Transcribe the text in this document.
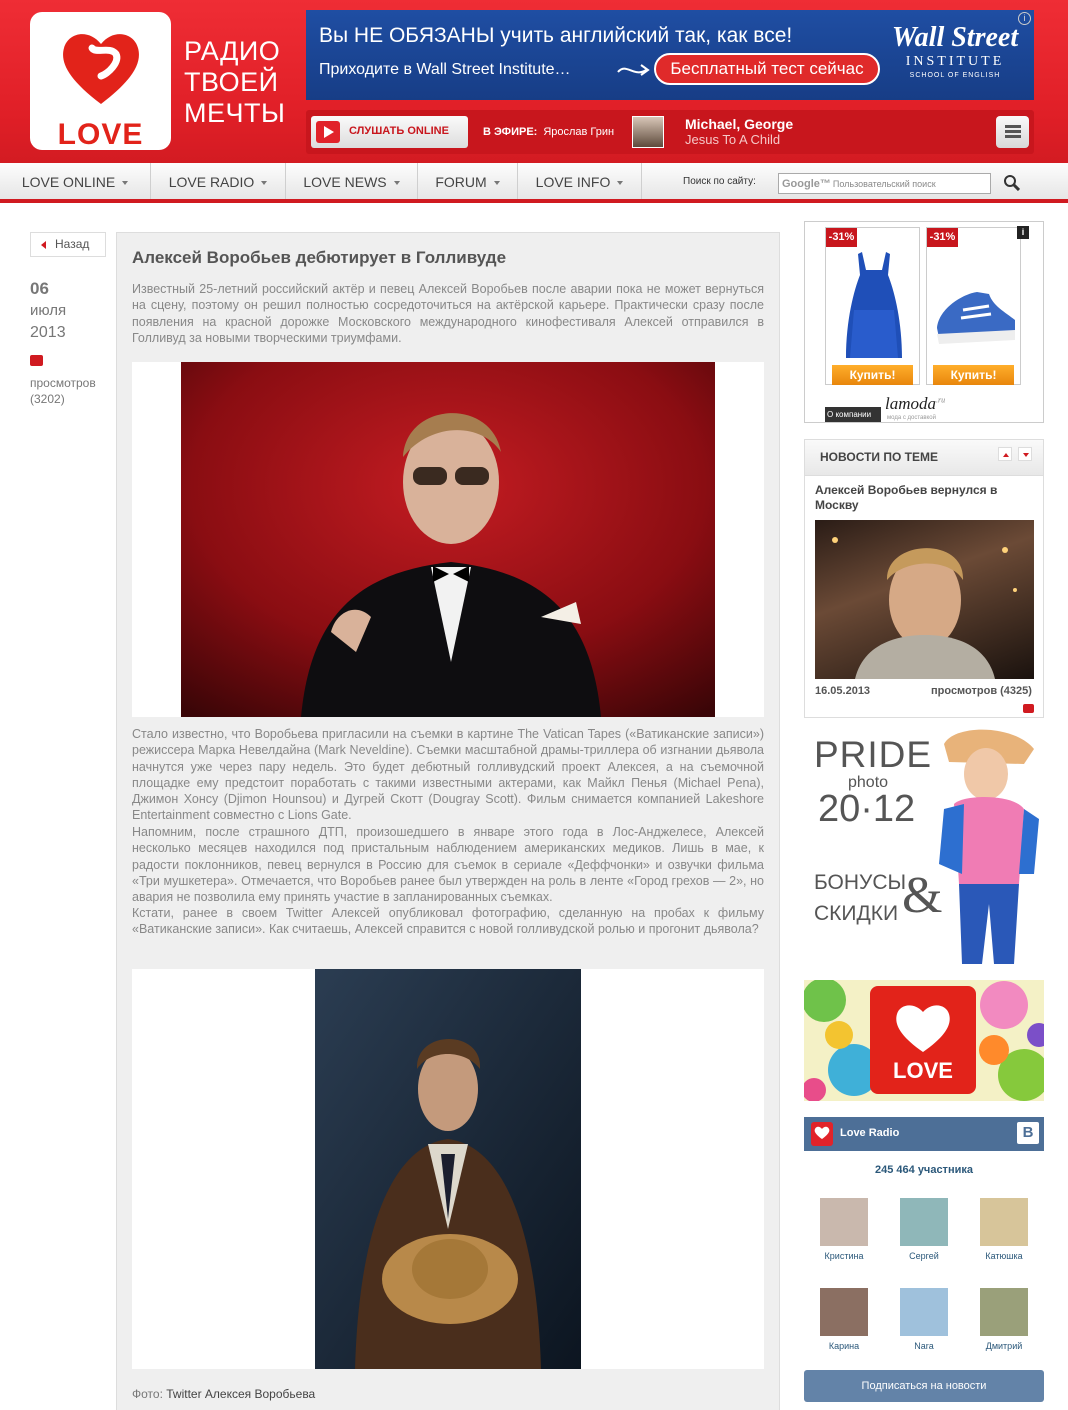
LOVE
РАДИО
ТВОЕЙ
МЕЧТЫ
Вы НЕ ОБЯЗАНЫ учить английский так, как все!
Приходите в Wall Street Institute…	Бесплатный тест сейчас
Wall Street
INSTITUTE
SCHOOL OF ENGLISH
i
СЛУШАТЬ ONLINE	В ЭФИРЕ: Ярослав Грин	Michael, George
Jesus To A Child
LOVE ONLINE	LOVE RADIO	LOVE NEWS	FORUM	LOVE INFO	Поиск по сайту:	Google™ Пользовательский поиск
Назад
06
июля
2013
просмотров
(3202)
Алексей Воробьев дебютирует в Голливуде
Известный 25-летний российский актёр и певец Алексей Воробьев после аварии пока не может вернуться на сцену, поэтому он решил полностью сосредоточиться на актёрской карьере. Практически сразу после появления на красной дорожке Московского международного кинофестиваля Алексей отправился в Голливуд за новыми творческими триумфами.
Стало известно, что Воробьева пригласили на съемки в картине The Vatican Tapes («Ватиканские записи») режиссера Марка Невелдайна (Mark Neveldine). Съемки масштабной драмы-триллера об изгнании дьявола начнутся уже через пару недель. Это будет дебютный голливудский проект Алексея, а на съемочной площадке ему предстоит поработать с такими известными актерами, как Майкл Пенья (Michael Pena), Джимон Хонсу (Djimon Hounsou) и Дугрей Скотт (Dougray Scott). Фильм снимается компанией Lakeshore Entertainment совместно с Lions Gate.
Напомним, после страшного ДТП, произошедшего в январе этого года в Лос-Анджелесе, Алексей несколько месяцев находился под пристальным наблюдением американских медиков. Лишь в мае, к радости поклонников, певец вернулся в Россию для съемок в сериале «Деффчонки» и озвучки фильма «Три мушкетера». Отмечается, что Воробьев ранее был утвержден на роль в ленте «Город грехов — 2», но авария не позволила ему принять участие в запланированных съемках.
Кстати, ранее в своем Twitter Алексей опубликовал фотографию, сделанную на пробах к фильму «Ватиканские записи». Как считаешь, Алексей справится с новой голливудской ролью и прогонит дьявола?
Фото: Twitter Алексея Воробьева
-31%
Купить!
-31%
Купить!
О компании
lamoda$^{.ru}$
мода с доставкой
i
НОВОСТИ ПО ТЕМЕ
Алексей Воробьев вернулся в Москву
16.05.2013	просмотров (4325)
PRIDE
photo
20·12
БОНУСЫ
&
СКИДКИ
LOVE
Love Radio	В
245 464 участника
Кристина	Сергей	Катюшка
Карина	Nara	Дмитрий
Подписаться на новости
